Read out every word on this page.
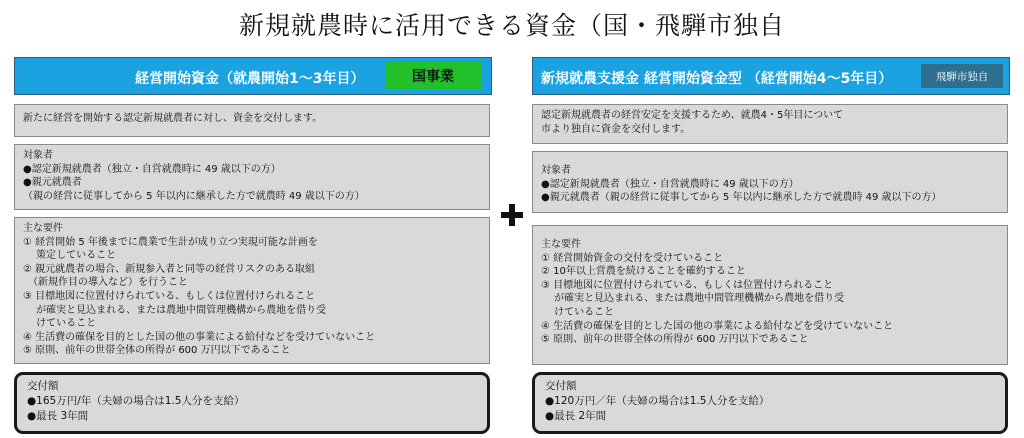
新規就農時に活用できる資金（国・飛騨市独自
経営開始資金（就農開始1～3年目）	国事業

新たに経営を開始する認定新規就農者に対し、資金を交付します。

対象者

●認定新規就農者（独立・自営就農時に 49 歳以下の方）

●親元就農者

（親の経営に従事してから 5 年以内に継承した方で就農時 49 歳以下の方）

主な要件

① 経営開始 5 年後までに農業で生計が成り立つ実現可能な計画を

　 策定していること

② 親元就農者の場合、新規参入者と同等の経営リスクのある取組

　（新規作目の導入など）を行うこと

③ 目標地図に位置付けられている、もしくは位置付けられること

　 が確実と見込まれる、または農地中間管理機構から農地を借り受

　 けていること

④ 生活費の確保を目的とした国の他の事業による給付などを受けていないこと

⑤ 原則、前年の世帯全体の所得が 600 万円以下であること

交付額

●165万円/年（夫婦の場合は1.5人分を支給）

●最長 3年間

新規就農支援金 経営開始資金型 （経営開始4～5年目）	飛騨市独自

認定新規就農者の経営安定を支援するため、就農4・5年目について

市より独自に資金を交付します。

対象者

●認定新規就農者（独立・自営就農時に 49 歳以下の方）

●親元就農者（親の経営に従事してから 5 年以内に継承した方で就農時 49 歳以下の方）

主な要件

① 経営開始資金の交付を受けていること

② 10年以上営農を続けることを確約すること

③ 目標地図に位置付けられている、もしくは位置付けられること

　 が確実と見込まれる、または農地中間管理機構から農地を借り受

　 けていること

④ 生活費の確保を目的とした国の他の事業による給付などを受けていないこと

⑤ 原則、前年の世帯全体の所得が 600 万円以下であること

交付額

●120万円／年（夫婦の場合は1.5人分を支給）

●最長 2年間
